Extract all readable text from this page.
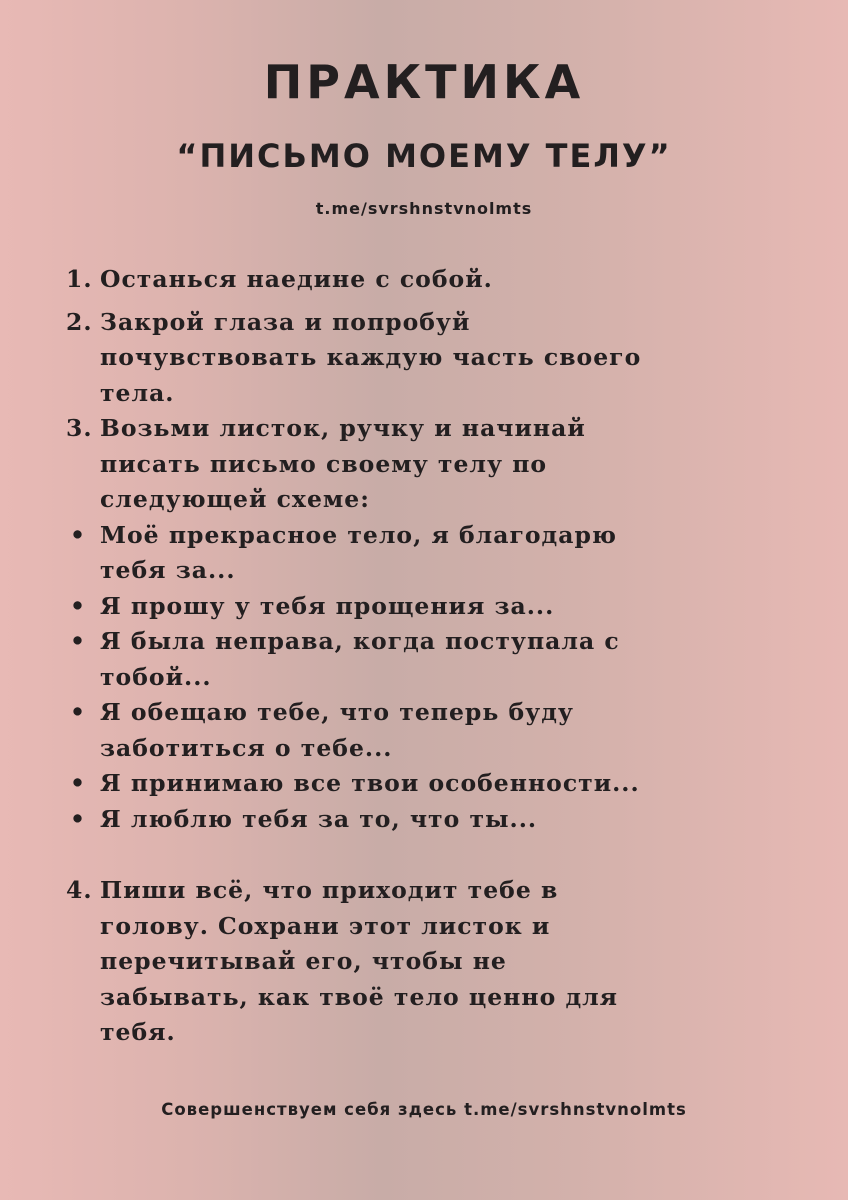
ПРАКТИКА
“ПИСЬМО МОЕМУ ТЕЛУ”
t.me/svrshnstvnolmts
1. Останься наедине с собой.
2. Закрой глаза и попробуй почувствовать каждую часть своего тела.
3. Возьми листок, ручку и начинай писать письмо своему телу по следующей схеме:
• Моё прекрасное тело, я благодарю тебя за...
• Я прошу у тебя прощения за...
• Я была неправа, когда поступала с тобой...
• Я обещаю тебе, что теперь буду заботиться о тебе...
• Я принимаю все твои особенности...
• Я люблю тебя за то, что ты...
4. Пиши всё, что приходит тебе в голову. Сохрани этот листок и перечитывай его, чтобы не забывать, как твоё тело ценно для тебя.
Совершенствуем себя здесь t.me/svrshnstvnolmts
